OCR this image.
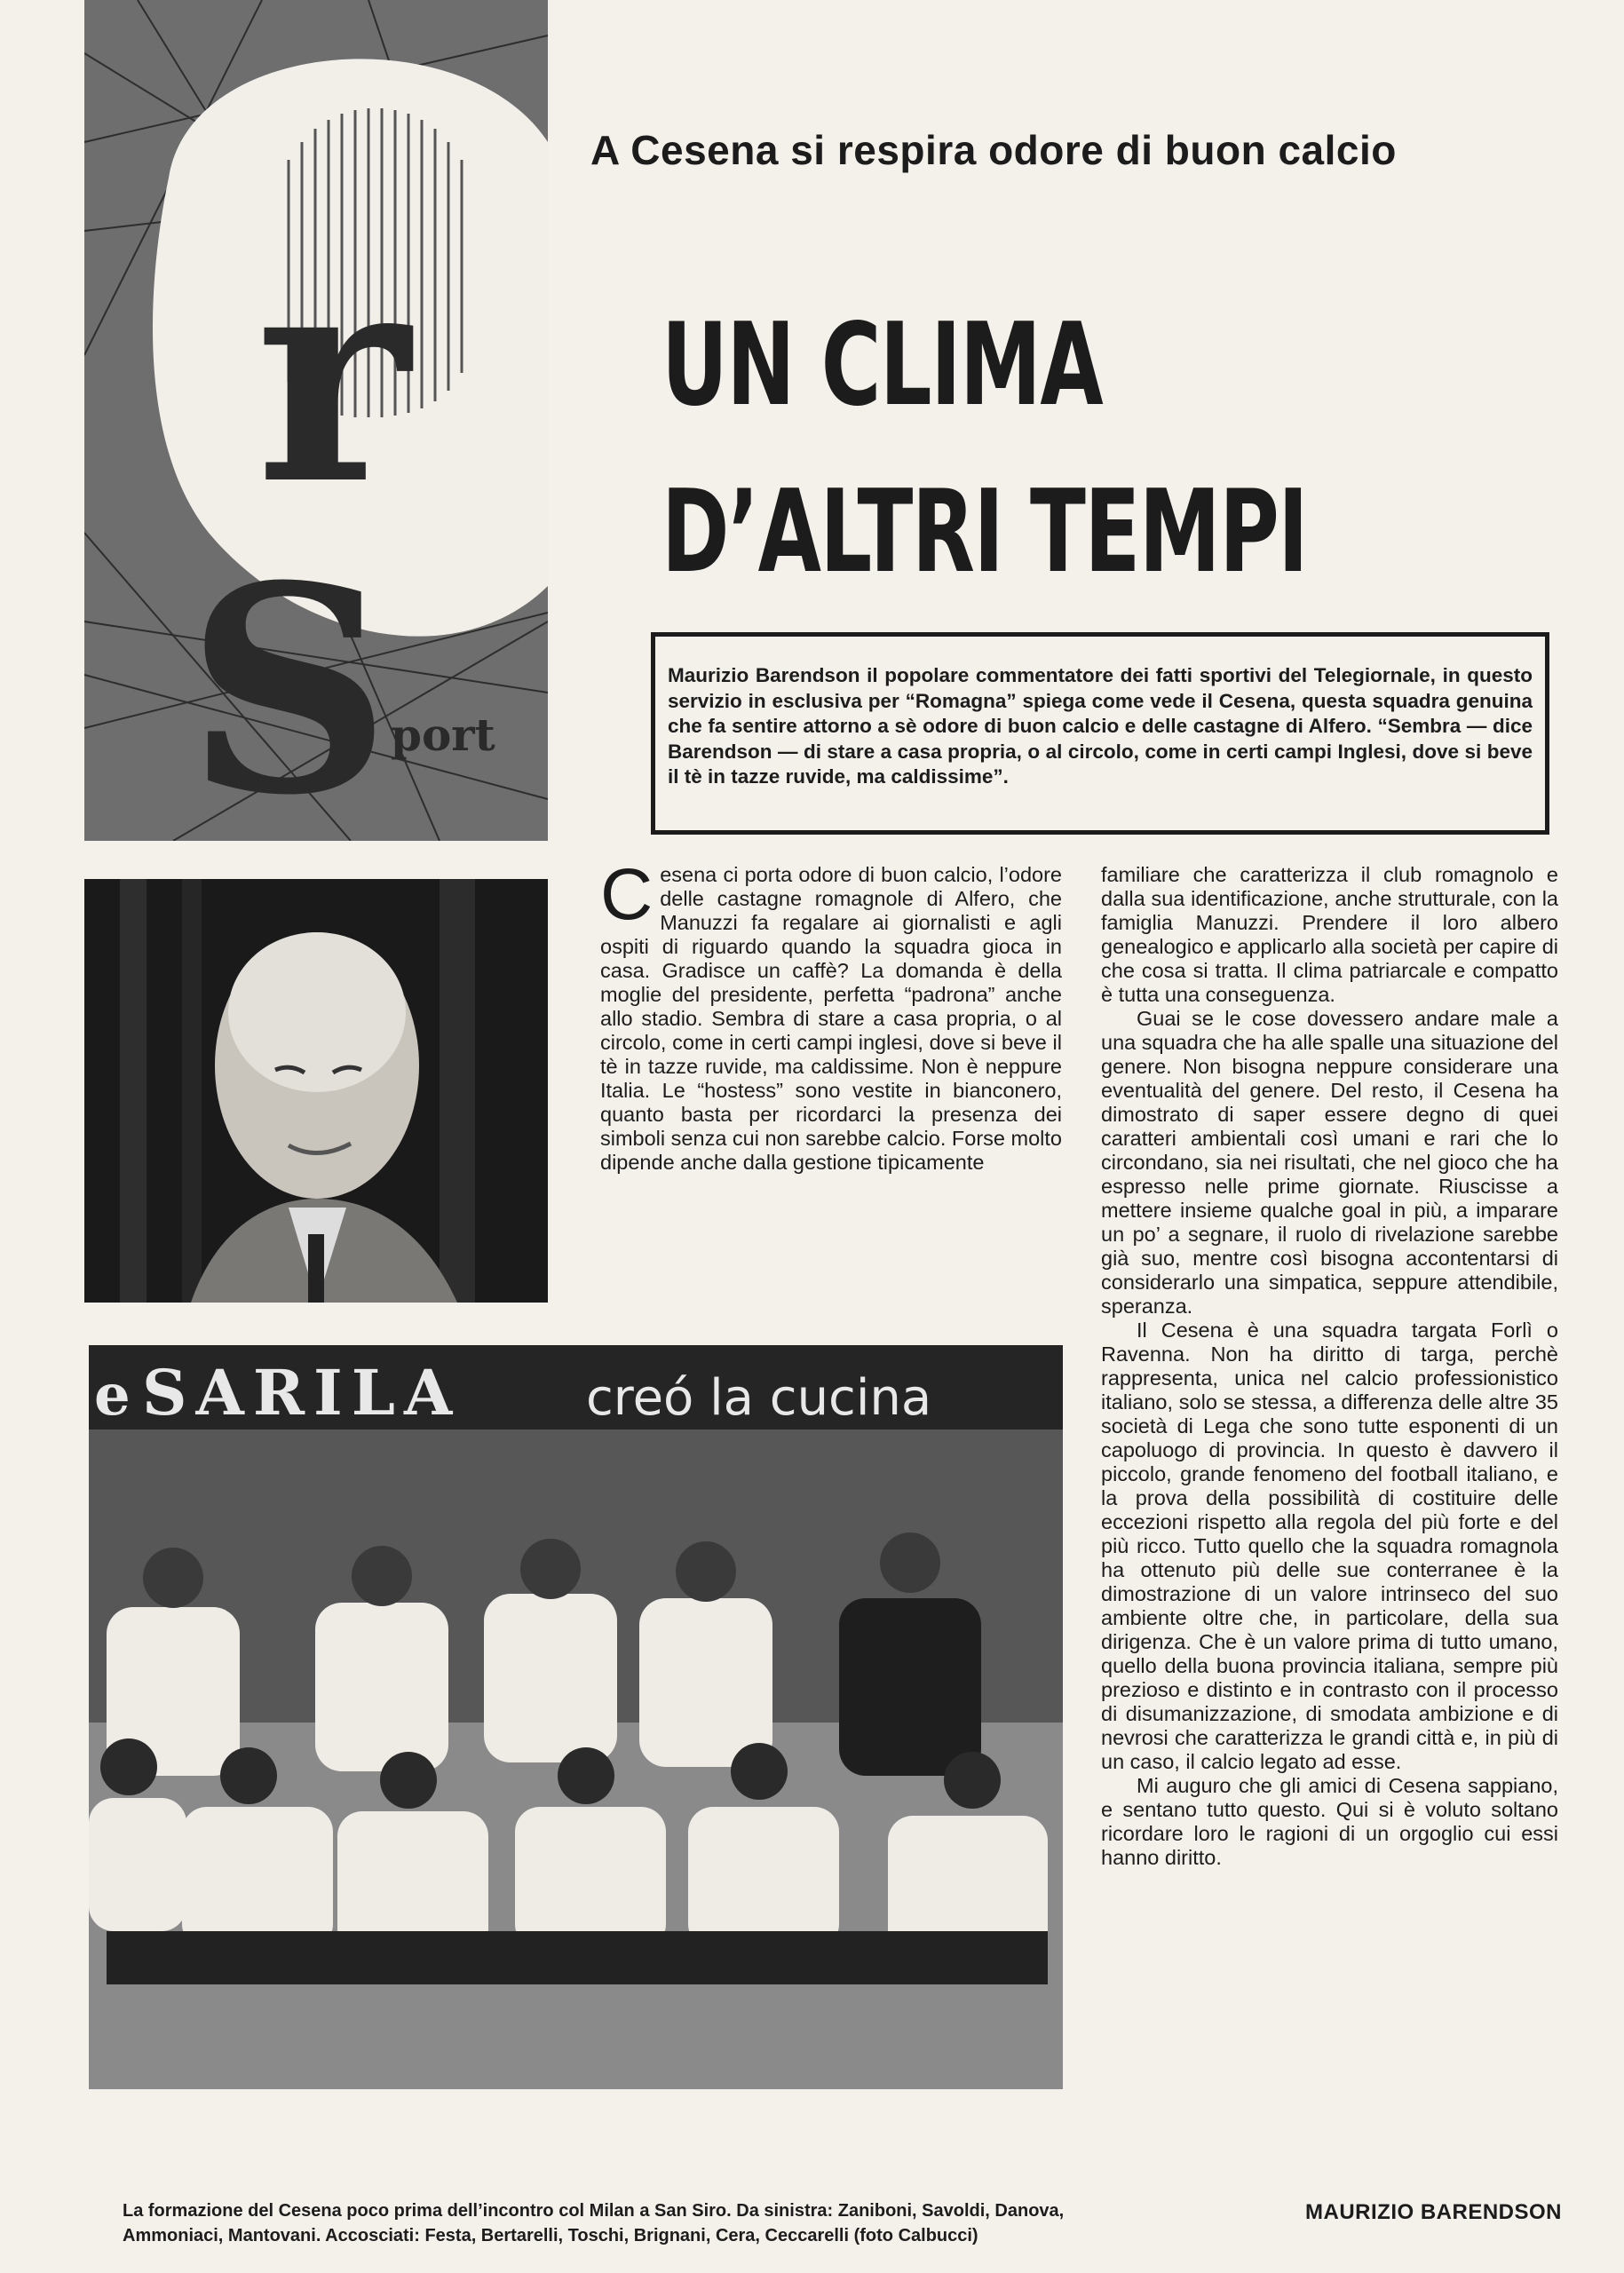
r
S port
A Cesena si respira odore di buon calcio
UN CLIMA
D’ALTRI TEMPI
Maurizio Barendson il popolare commentatore dei fatti sportivi del Telegiornale, in questo servizio in esclusiva per “Romagna” spiega come vede il Cesena, questa squadra genuina che fa sentire attorno a sè odore di buon calcio e delle castagne di Alfero. “Sembra — dice Barendson — di stare a casa propria, o al circolo, come in certi campi Inglesi, dove si beve il tè in tazze ruvide, ma caldissime”.
e SARILA	creó la cucina
La formazione del Cesena poco prima dell’incontro col Milan a San Siro. Da sinistra: Zaniboni, Savoldi, Danova, Ammoniaci, Mantovani. Accosciati: Festa, Bertarelli, Toschi, Brignani, Cera, Ceccarelli (foto Calbucci)

Cesena ci porta odore di buon calcio, l’odore delle castagne romagnole di Alfero, che Manuzzi fa regalare ai giornalisti e agli ospiti di riguardo quando la squadra gioca in casa. Gradisce un caffè? La domanda è della moglie del presidente, perfetta “padrona” anche allo stadio. Sembra di stare a casa propria, o al circolo, come in certi campi inglesi, dove si beve il tè in tazze ruvide, ma caldissime. Non è neppure Italia. Le “hostess” sono vestite in bianconero, quanto basta per ricordarci la presenza dei simboli senza cui non sarebbe calcio. Forse molto dipende anche dalla gestione tipicamente

familiare che caratterizza il club romagnolo e dalla sua identificazione, anche strutturale, con la famiglia Manuzzi. Prendere il loro albero genealogico e applicarlo alla società per capire di che cosa si tratta. Il clima patriarcale e compatto è tutta una conseguenza.

Guai se le cose dovessero andare male a una squadra che ha alle spalle una situazione del genere. Non bisogna neppure considerare una eventualità del genere. Del resto, il Cesena ha dimostrato di saper essere degno di quei caratteri ambientali così umani e rari che lo circondano, sia nei risultati, che nel gioco che ha espresso nelle prime giornate. Riuscisse a mettere insieme qualche goal in più, a imparare un po’ a segnare, il ruolo di rivelazione sarebbe già suo, mentre così bisogna accontentarsi di considerarlo una simpatica, seppure attendibile, speranza.

Il Cesena è una squadra targata Forlì o Ravenna. Non ha diritto di targa, perchè rappresenta, unica nel calcio professionistico italiano, solo se stessa, a differenza delle altre 35 società di Lega che sono tutte esponenti di un capoluogo di provincia. In questo è davvero il piccolo, grande fenomeno del football italiano, e la prova della possibilità di costituire delle eccezioni rispetto alla regola del più forte e del più ricco. Tutto quello che la squadra romagnola ha ottenuto più delle sue conterranee è la dimostrazione di un valore intrinseco del suo ambiente oltre che, in particolare, della sua dirigenza. Che è un valore prima di tutto umano, quello della buona provincia italiana, sempre più prezioso e distinto e in contrasto con il processo di disumanizzazione, di smodata ambizione e di nevrosi che caratterizza le grandi città e, in più di un caso, il calcio legato ad esse.

Mi auguro che gli amici di Cesena sappiano, e sentano tutto questo. Qui si è voluto soltano ricordare loro le ragioni di un orgoglio cui essi hanno diritto.

MAURIZIO BARENDSON
